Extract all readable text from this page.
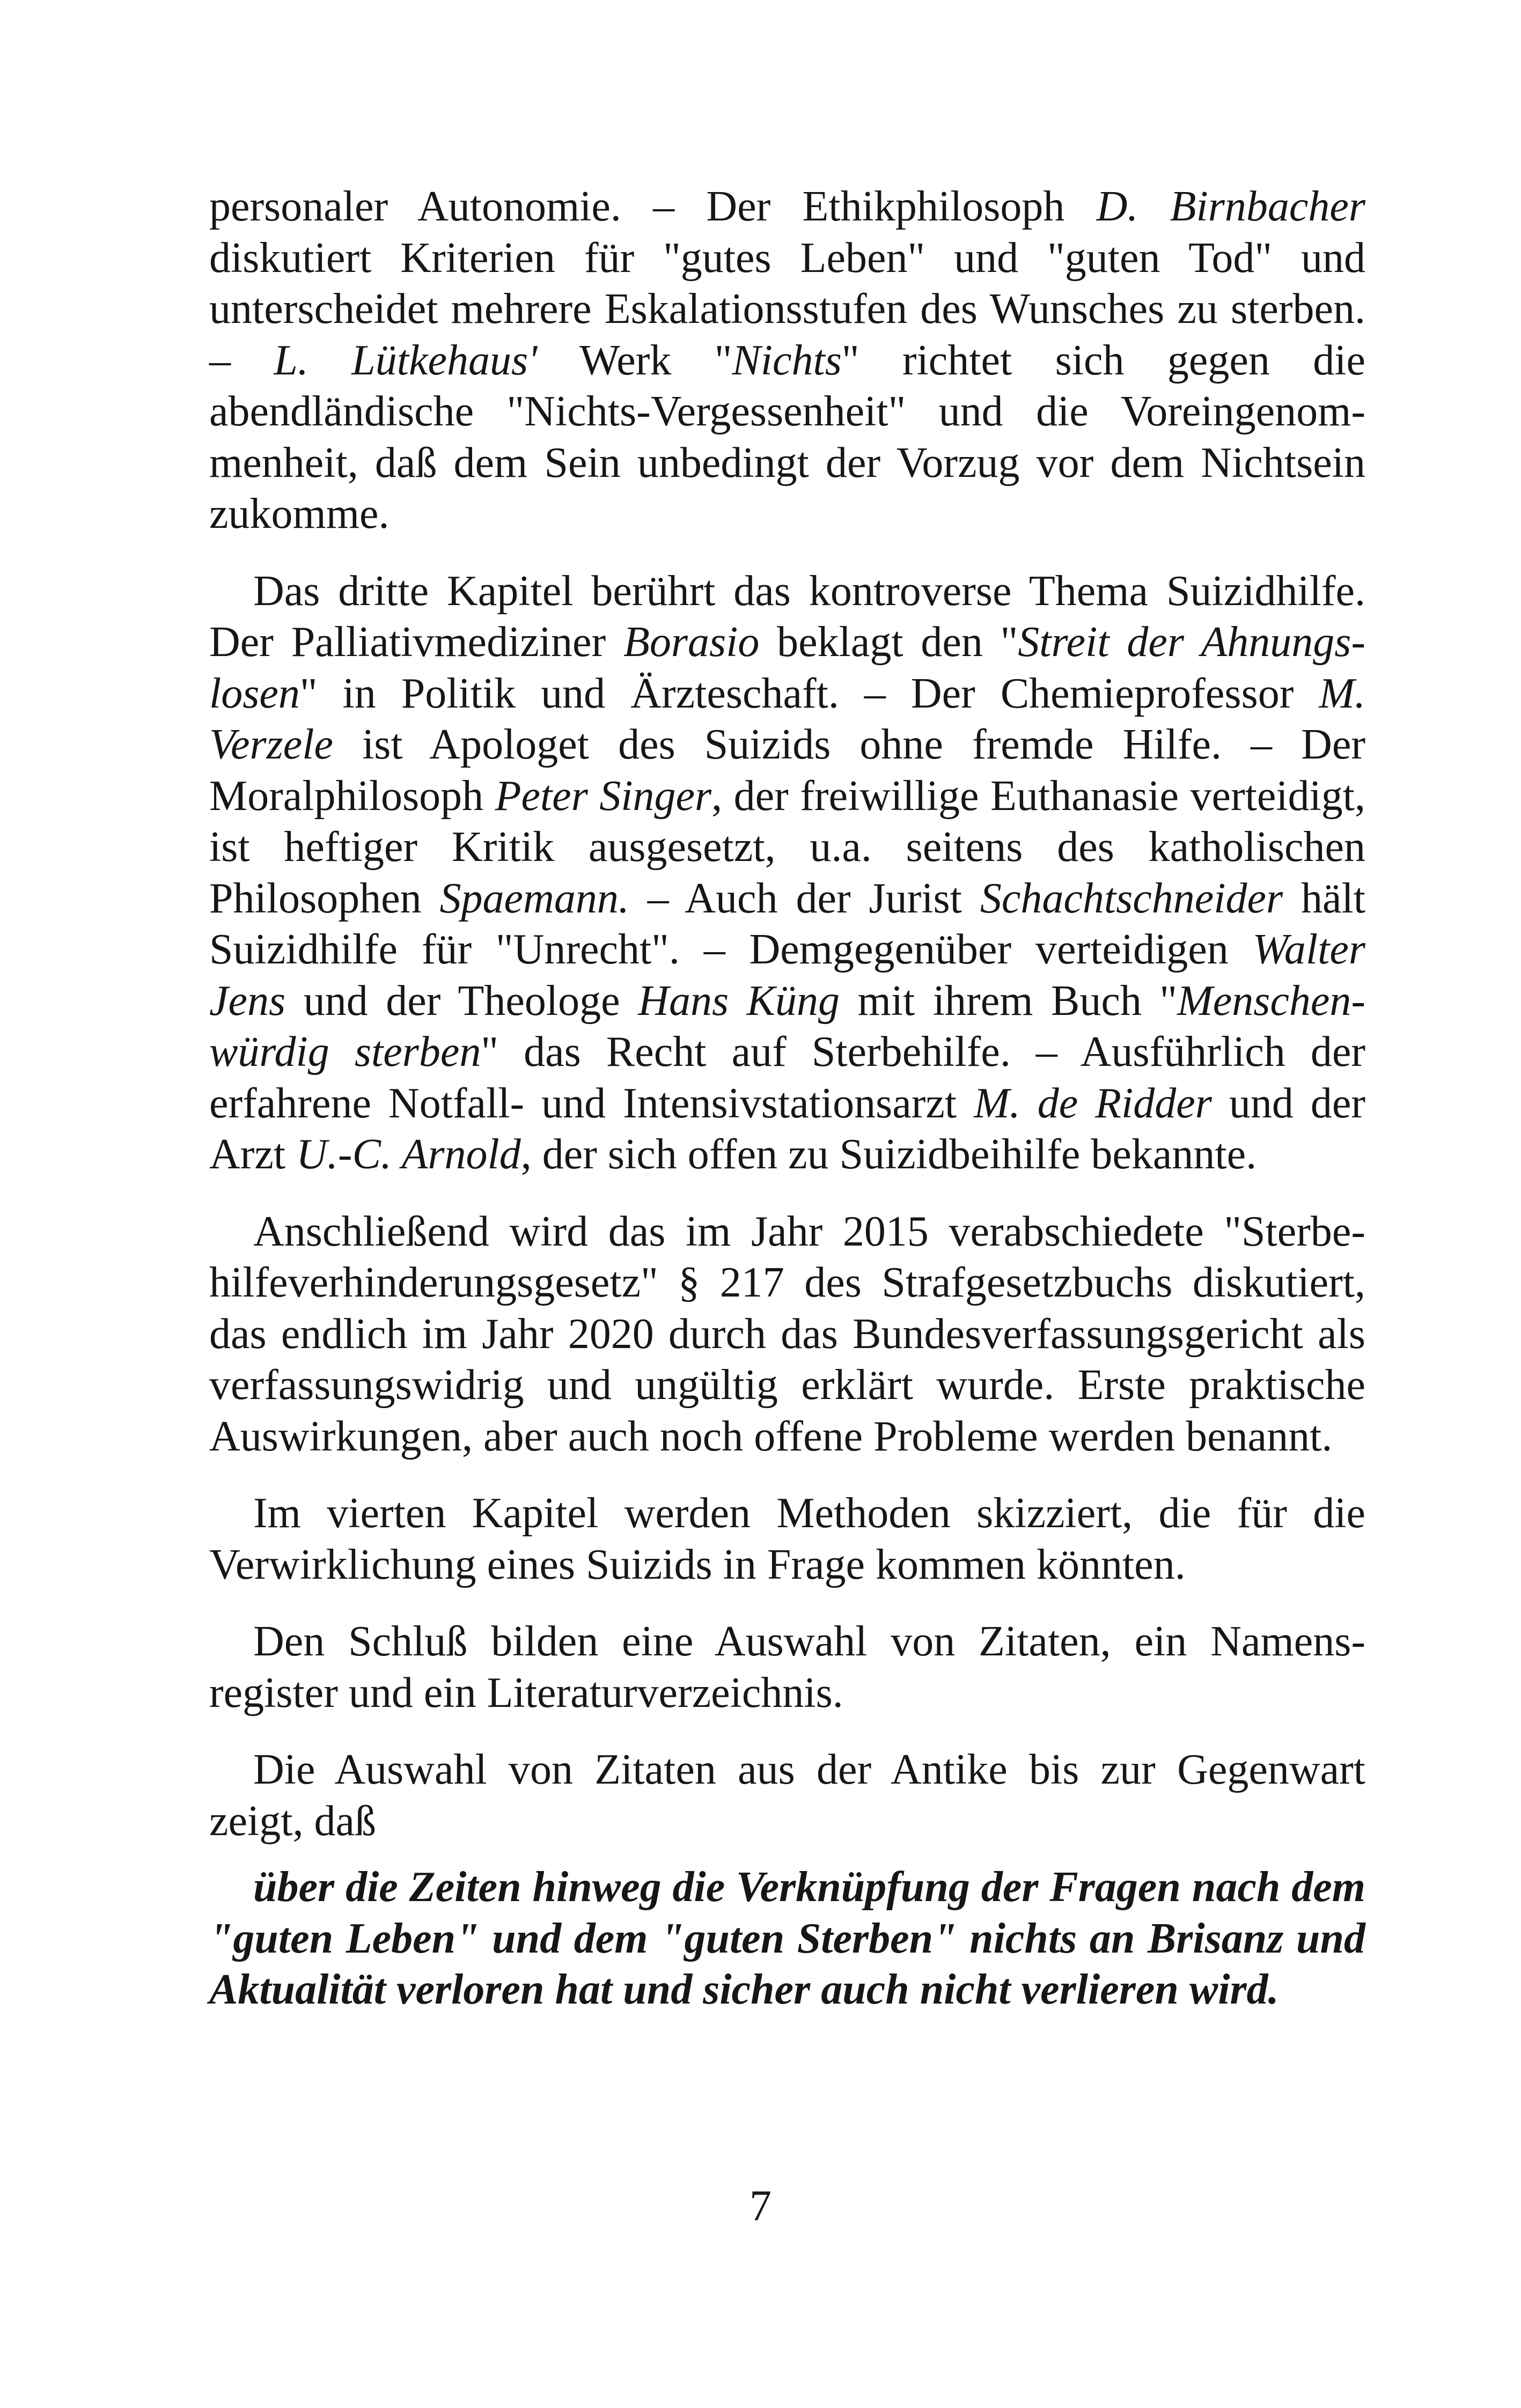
personaler Autonomie. – Der Ethikphilosoph D. Birnbacher diskutiert Kriterien für "gutes Leben" und "guten Tod" und unterscheidet mehrere Eskalationsstufen des Wunsches zu sterben. – L. Lütkehaus' Werk "Nichts" richtet sich gegen die abendländische "Nichts-Vergessenheit" und die Voreingenommenheit, daß dem Sein unbedingt der Vorzug vor dem Nichtsein zukomme.

Das dritte Kapitel berührt das kontroverse Thema Suizidhilfe. Der Palliativmediziner Borasio beklagt den "Streit der Ahnungslosen" in Politik und Ärzteschaft. – Der Chemieprofessor M. Verzele ist Apologet des Suizids ohne fremde Hilfe. – Der Moralphilosoph Peter Singer, der freiwillige Euthanasie verteidigt, ist heftiger Kritik ausgesetzt, u.a. seitens des katholischen Philosophen Spaemann. – Auch der Jurist Schachtschneider hält Suizidhilfe für "Unrecht". – Demgegenüber verteidigen Walter Jens und der Theologe Hans Küng mit ihrem Buch "Menschenwürdig sterben" das Recht auf Sterbehilfe. – Ausführlich der erfahrene Notfall- und Intensivstationsarzt M. de Ridder und der Arzt U.-C. Arnold, der sich offen zu Suizidbeihilfe bekannte.

Anschließend wird das im Jahr 2015 verabschiedete "Sterbehilfeverhinderungsgesetz" § 217 des Strafgesetzbuchs diskutiert, das endlich im Jahr 2020 durch das Bundesverfassungsgericht als verfassungswidrig und ungültig erklärt wurde. Erste praktische Auswirkungen, aber auch noch offene Probleme werden benannt.

Im vierten Kapitel werden Methoden skizziert, die für die Verwirklichung eines Suizids in Frage kommen könnten.

Den Schluß bilden eine Auswahl von Zitaten, ein Namensregister und ein Literaturverzeichnis.

Die Auswahl von Zitaten aus der Antike bis zur Gegenwart zeigt, daß

über die Zeiten hinweg die Verknüpfung der Fragen nach dem "guten Leben" und dem "guten Sterben" nichts an Brisanz und Aktualität verloren hat und sicher auch nicht verlieren wird.

7
